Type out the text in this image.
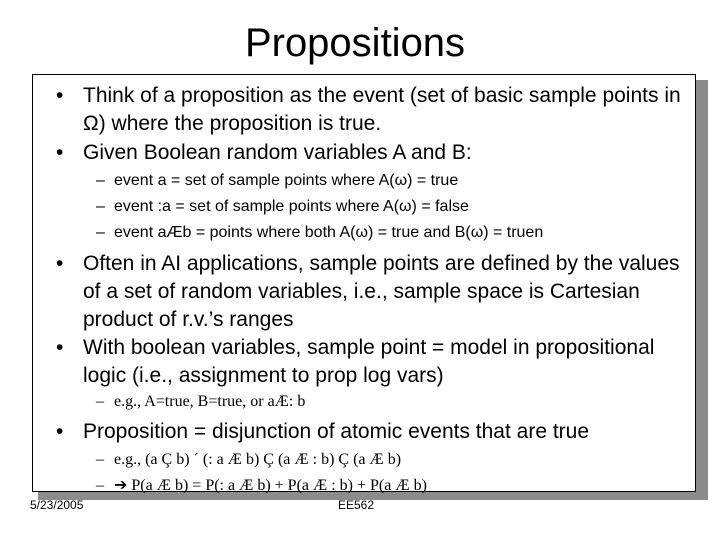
Propositions
• Think of a proposition as the event (set of basic sample points in Ω) where the proposition is true.
• Given Boolean random variables A and B:
– event a = set of sample points where A(ω) = true
– event :a = set of sample points where A(ω) = false
– event aÆb = points where both A(ω) = true and B(ω) = truen
• Often in AI applications, sample points are defined by the values of a set of random variables, i.e., sample space is Cartesian product of r.v.’s ranges
• With boolean variables, sample point = model in propositional logic (i.e., assignment to prop log vars)
– e.g., A=true, B=true, or aÆ: b
• Proposition = disjunction of atomic events that are true
– e.g., (a Ç b) ´ (: a Æ b) Ç (a Æ : b) Ç (a Æ b)
– ➔ P(a Æ b) = P(: a Æ b) + P(a Æ : b) + P(a Æ b)
5/23/2005	EE562
